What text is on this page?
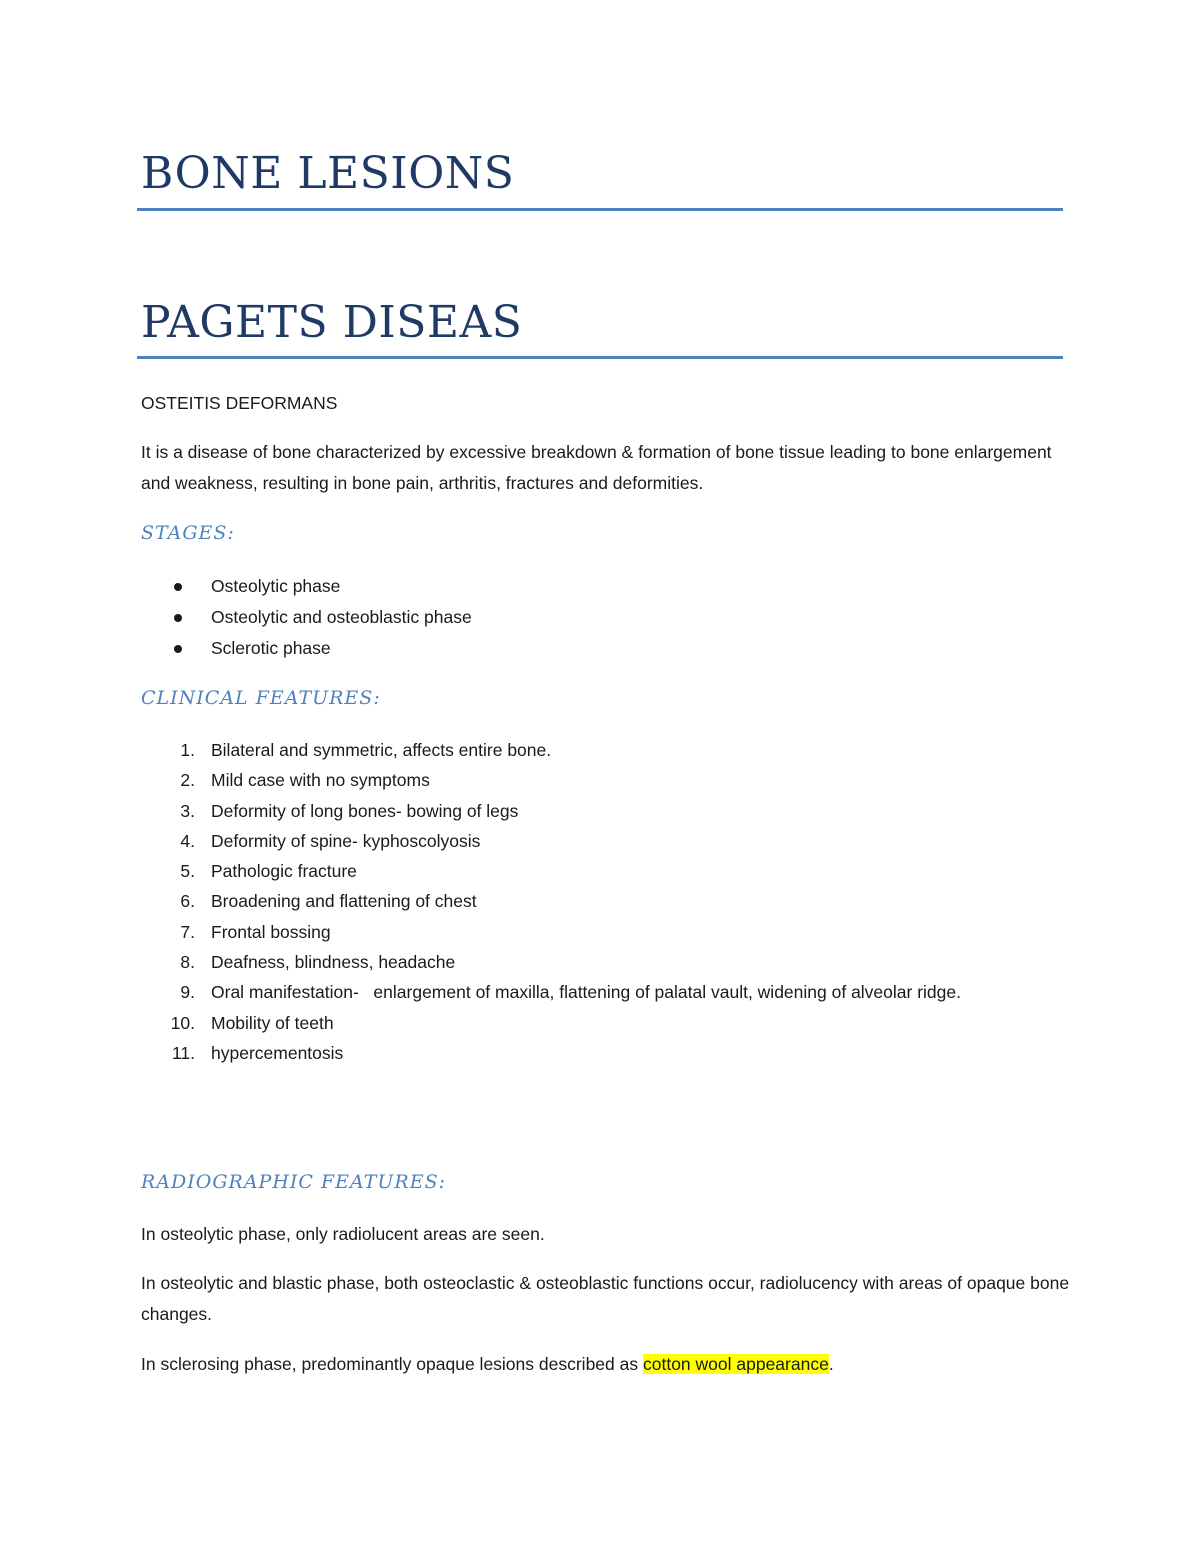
BONE LESIONS
PAGETS DISEAS

OSTEITIS DEFORMANS

It is a disease of bone characterized by excessive breakdown & formation of bone tissue leading to bone enlargement and weakness, resulting in bone pain, arthritis, fractures and deformities.

STAGES:
Osteolytic phase
Osteolytic and osteoblastic phase
Sclerotic phase
CLINICAL FEATURES:
1. Bilateral and symmetric, affects entire bone.
2. Mild case with no symptoms
3. Deformity of long bones- bowing of legs
4. Deformity of spine- kyphoscolyosis
5. Pathologic fracture
6. Broadening and flattening of chest
7. Frontal bossing
8. Deafness, blindness, headache
9. Oral manifestation-   enlargement of maxilla, flattening of palatal vault, widening of alveolar ridge.
10. Mobility of teeth
11. hypercementosis
RADIOGRAPHIC FEATURES:

In osteolytic phase, only radiolucent areas are seen.

In osteolytic and blastic phase, both osteoclastic & osteoblastic functions occur, radiolucency with areas of opaque bone changes.

In sclerosing phase, predominantly opaque lesions described as cotton wool appearance.
